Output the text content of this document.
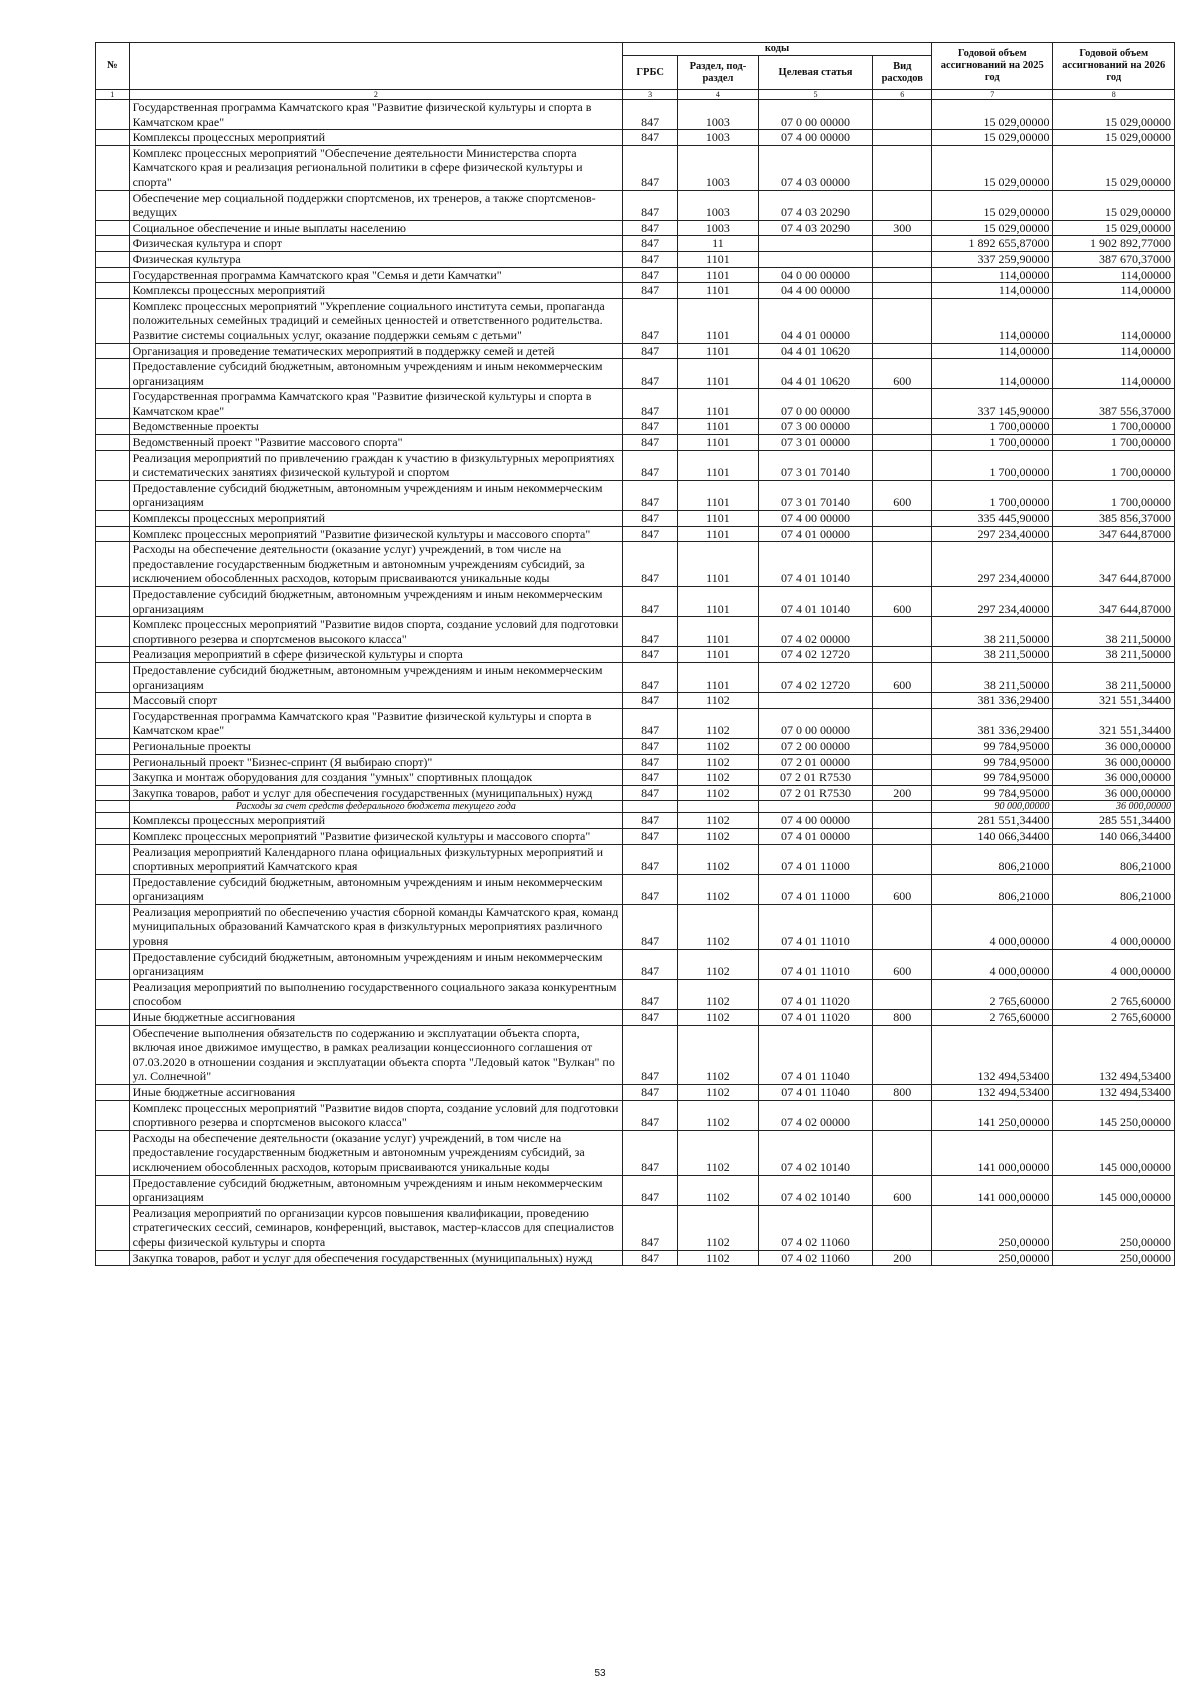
№		коды				Годовой объем ассигнований на 2025 год	Годовой объем ассигнований на 2026 год
		ГРБС	Раздел, под-раздел	Целевая статья	Вид расходов		
1	2	3	4	5	6	7	8
	Государственная программа Камчатского края "Развитие физической культуры и спорта в Камчатском крае"	847	1003	07 0 00 00000		15 029,00000	15 029,00000
	Комплексы процессных мероприятий	847	1003	07 4 00 00000		15 029,00000	15 029,00000
	Комплекс процессных мероприятий "Обеспечение деятельности Министерства спорта Камчатского края и реализация региональной политики в сфере физической культуры и спорта"	847	1003	07 4 03 00000		15 029,00000	15 029,00000
	Обеспечение мер социальной поддержки спортсменов, их тренеров, а также спортсменов-ведущих	847	1003	07 4 03 20290		15 029,00000	15 029,00000
	Социальное обеспечение и иные выплаты населению	847	1003	07 4 03 20290	300	15 029,00000	15 029,00000
	Физическая культура и спорт	847	11			1 892 655,87000	1 902 892,77000
	Физическая культура	847	1101			337 259,90000	387 670,37000
	Государственная программа Камчатского края "Семья и дети Камчатки"	847	1101	04 0 00 00000		114,00000	114,00000
	Комплексы процессных мероприятий	847	1101	04 4 00 00000		114,00000	114,00000
	Комплекс процессных мероприятий "Укрепление социального института семьи, пропаганда положительных семейных традиций и семейных ценностей и ответственного родительства. Развитие системы социальных услуг, оказание поддержки семьям с детьми"	847	1101	04 4 01 00000		114,00000	114,00000
	Организация и проведение тематических мероприятий в поддержку семей и детей	847	1101	04 4 01 10620		114,00000	114,00000
	Предоставление субсидий бюджетным, автономным учреждениям и иным некоммерческим организациям	847	1101	04 4 01 10620	600	114,00000	114,00000
	Государственная программа Камчатского края "Развитие физической культуры и спорта в Камчатском крае"	847	1101	07 0 00 00000		337 145,90000	387 556,37000
	Ведомственные проекты	847	1101	07 3 00 00000		1 700,00000	1 700,00000
	Ведомственный проект "Развитие массового спорта"	847	1101	07 3 01 00000		1 700,00000	1 700,00000
	Реализация мероприятий по привлечению граждан к участию в физкультурных мероприятиях и систематических занятиях физической культурой и спортом	847	1101	07 3 01 70140		1 700,00000	1 700,00000
	Предоставление субсидий бюджетным, автономным учреждениям и иным некоммерческим организациям	847	1101	07 3 01 70140	600	1 700,00000	1 700,00000
	Комплексы процессных мероприятий	847	1101	07 4 00 00000		335 445,90000	385 856,37000
	Комплекс процессных мероприятий "Развитие физической культуры и массового спорта"	847	1101	07 4 01 00000		297 234,40000	347 644,87000
	Расходы на обеспечение деятельности (оказание услуг) учреждений, в том числе на предоставление государственным бюджетным и автономным учреждениям субсидий, за исключением обособленных расходов, которым присваиваются уникальные коды	847	1101	07 4 01 10140		297 234,40000	347 644,87000
	Предоставление субсидий бюджетным, автономным учреждениям и иным некоммерческим организациям	847	1101	07 4 01 10140	600	297 234,40000	347 644,87000
	Комплекс процессных мероприятий "Развитие видов спорта, создание условий для подготовки спортивного резерва и спортсменов высокого класса"	847	1101	07 4 02 00000		38 211,50000	38 211,50000
	Реализация мероприятий в сфере физической культуры и спорта	847	1101	07 4 02 12720		38 211,50000	38 211,50000
	Предоставление субсидий бюджетным, автономным учреждениям и иным некоммерческим организациям	847	1101	07 4 02 12720	600	38 211,50000	38 211,50000
	Массовый спорт	847	1102			381 336,29400	321 551,34400
	Государственная программа Камчатского края "Развитие физической культуры и спорта в Камчатском крае"	847	1102	07 0 00 00000		381 336,29400	321 551,34400
	Региональные проекты	847	1102	07 2 00 00000		99 784,95000	36 000,00000
	Региональный проект "Бизнес-спринт (Я выбираю спорт)"	847	1102	07 2 01 00000		99 784,95000	36 000,00000
	Закупка и монтаж оборудования для создания "умных" спортивных площадок	847	1102	07 2 01 R7530		99 784,95000	36 000,00000
	Закупка товаров, работ и услуг для обеспечения государственных (муниципальных) нужд	847	1102	07 2 01 R7530	200	99 784,95000	36 000,00000
	Расходы за счет средств федерального бюджета текущего года					90 000,00000	36 000,00000
	Комплексы процессных мероприятий	847	1102	07 4 00 00000		281 551,34400	285 551,34400
	Комплекс процессных мероприятий "Развитие физической культуры и массового спорта"	847	1102	07 4 01 00000		140 066,34400	140 066,34400
	Реализация мероприятий Календарного плана официальных физкультурных мероприятий и спортивных мероприятий Камчатского края	847	1102	07 4 01 11000		806,21000	806,21000
	Предоставление субсидий бюджетным, автономным учреждениям и иным некоммерческим организациям	847	1102	07 4 01 11000	600	806,21000	806,21000
	Реализация мероприятий по обеспечению участия сборной команды Камчатского края, команд муниципальных образований Камчатского края в физкультурных мероприятиях различного уровня	847	1102	07 4 01 11010		4 000,00000	4 000,00000
	Предоставление субсидий бюджетным, автономным учреждениям и иным некоммерческим организациям	847	1102	07 4 01 11010	600	4 000,00000	4 000,00000
	Реализация мероприятий по выполнению государственного социального заказа конкурентным способом	847	1102	07 4 01 11020		2 765,60000	2 765,60000
	Иные бюджетные ассигнования	847	1102	07 4 01 11020	800	2 765,60000	2 765,60000
	Обеспечение выполнения обязательств по содержанию и эксплуатации объекта спорта, включая иное движимое имущество, в рамках реализации концессионного соглашения от 07.03.2020 в отношении создания и эксплуатации объекта спорта "Ледовый каток "Вулкан" по ул. Солнечной"	847	1102	07 4 01 11040		132 494,53400	132 494,53400
	Иные бюджетные ассигнования	847	1102	07 4 01 11040	800	132 494,53400	132 494,53400
	Комплекс процессных мероприятий "Развитие видов спорта, создание условий для подготовки спортивного резерва и спортсменов высокого класса"	847	1102	07 4 02 00000		141 250,00000	145 250,00000
	Расходы на обеспечение деятельности (оказание услуг) учреждений, в том числе на предоставление государственным бюджетным и автономным учреждениям субсидий, за исключением обособленных расходов, которым присваиваются уникальные коды	847	1102	07 4 02 10140		141 000,00000	145 000,00000
	Предоставление субсидий бюджетным, автономным учреждениям и иным некоммерческим организациям	847	1102	07 4 02 10140	600	141 000,00000	145 000,00000
	Реализация мероприятий по организации курсов повышения квалификации, проведению стратегических сессий, семинаров, конференций, выставок, мастер-классов для специалистов сферы физической культуры и спорта	847	1102	07 4 02 11060		250,00000	250,00000
	Закупка товаров, работ и услуг для обеспечения государственных (муниципальных) нужд	847	1102	07 4 02 11060	200	250,00000	250,00000
53
